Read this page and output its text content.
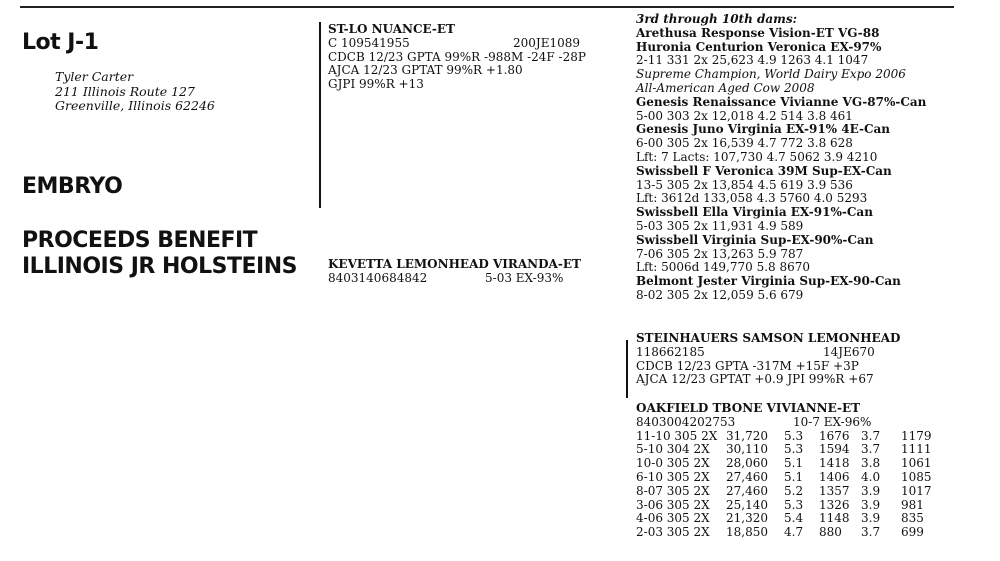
Lot J-1
Tyler Carter
211 Illinois Route 127
Greenville, Illinois 62246
EMBRYO
PROCEEDS BENEFIT
ILLINOIS JR HOLSTEINS
ST-LO NUANCE-ET
C 109541955	200JE1089
CDCB 12/23 GPTA 99%R -988M -24F -28P
AJCA 12/23 GPTAT 99%R +1.80
GJPI 99%R +13
KEVETTA LEMONHEAD VIRANDA-ET
8403140684842	5-03 EX-93%
3rd through 10th dams:
Arethusa Response Vision-ET VG-88
Huronia Centurion Veronica EX-97%
2-11 331 2x 25,623 4.9 1263 4.1 1047
Supreme Champion, World Dairy Expo 2006
All-American Aged Cow 2008
Genesis Renaissance Vivianne VG-87%-Can
5-00 303 2x 12,018 4.2 514 3.8 461
Genesis Juno Virginia EX-91% 4E-Can
6-00 305 2x 16,539 4.7 772 3.8 628
Lft: 7 Lacts: 107,730 4.7 5062 3.9 4210
Swissbell F Veronica 39M Sup-EX-Can
13-5 305 2x 13,854 4.5 619 3.9 536
Lft: 3612d 133,058 4.3 5760 4.0 5293
Swissbell Ella Virginia EX-91%-Can
5-03 305 2x 11,931 4.9 589
Swissbell Virginia Sup-EX-90%-Can
7-06 305 2x 13,263 5.9 787
Lft: 5006d 149,770 5.8 8670
Belmont Jester Virginia Sup-EX-90-Can
8-02 305 2x 12,059 5.6 679
STEINHAUERS SAMSON LEMONHEAD
118662185	14JE670
CDCB 12/23 GPTA -317M +15F +3P
AJCA 12/23 GPTAT +0.9 JPI 99%R +67
OAKFIELD TBONE VIVIANNE-ET
8403004202753	10-7 EX-96%
11-10 305 2X 31,720	5.3	1676 3.7	1179
5-10 304 2X	30,110	5.3	1594 3.7	1111
10-0 305 2X	28,060	5.1	1418 3.8	1061
6-10 305 2X	27,460	5.1	1406 4.0	1085
8-07 305 2X	27,460	5.2	1357 3.9	1017
3-06 305 2X	25,140	5.3	1326 3.9	981
4-06 305 2X	21,320	5.4	1148 3.9	835
2-03 305 2X	18,850	4.7	880	3.7	699
